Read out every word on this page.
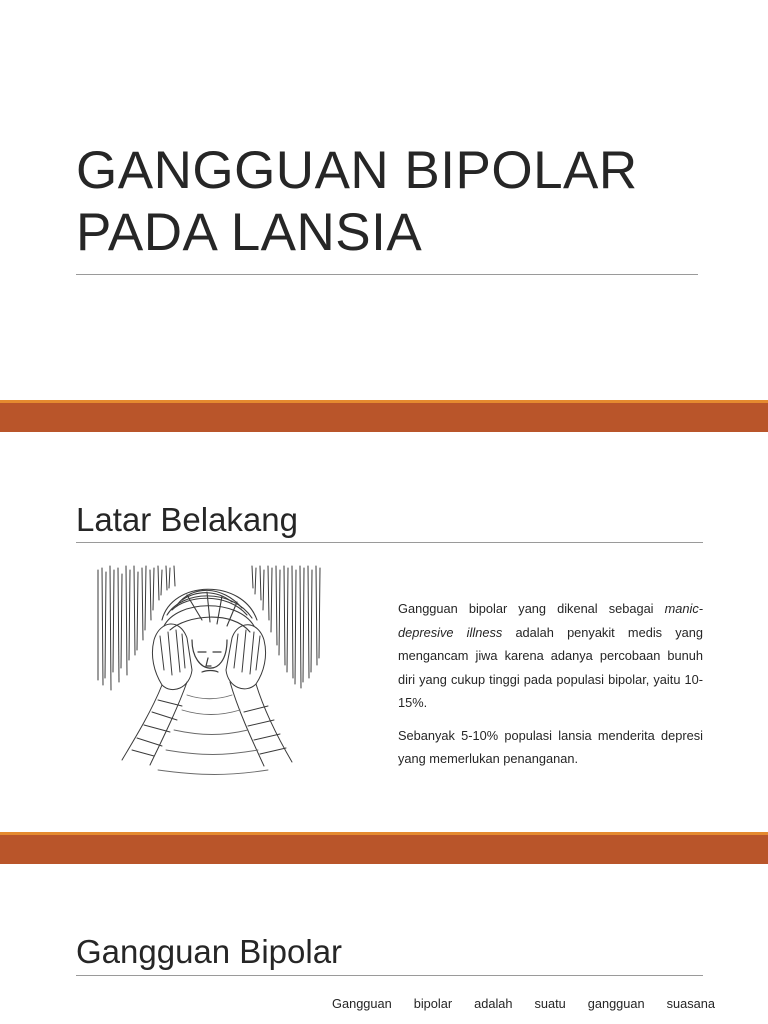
GANGGUAN BIPOLAR
PADA LANSIA
Latar Belakang

Gangguan bipolar yang dikenal sebagai manic-depresive illness adalah penyakit medis yang mengancam jiwa karena adanya percobaan bunuh diri yang cukup tinggi pada populasi bipolar, yaitu 10-15%.

Sebanyak 5-10% populasi lansia menderita depresi yang memerlukan penanganan.

Gangguan Bipolar
Gangguan bipolar adalah suatu gangguan suasana
